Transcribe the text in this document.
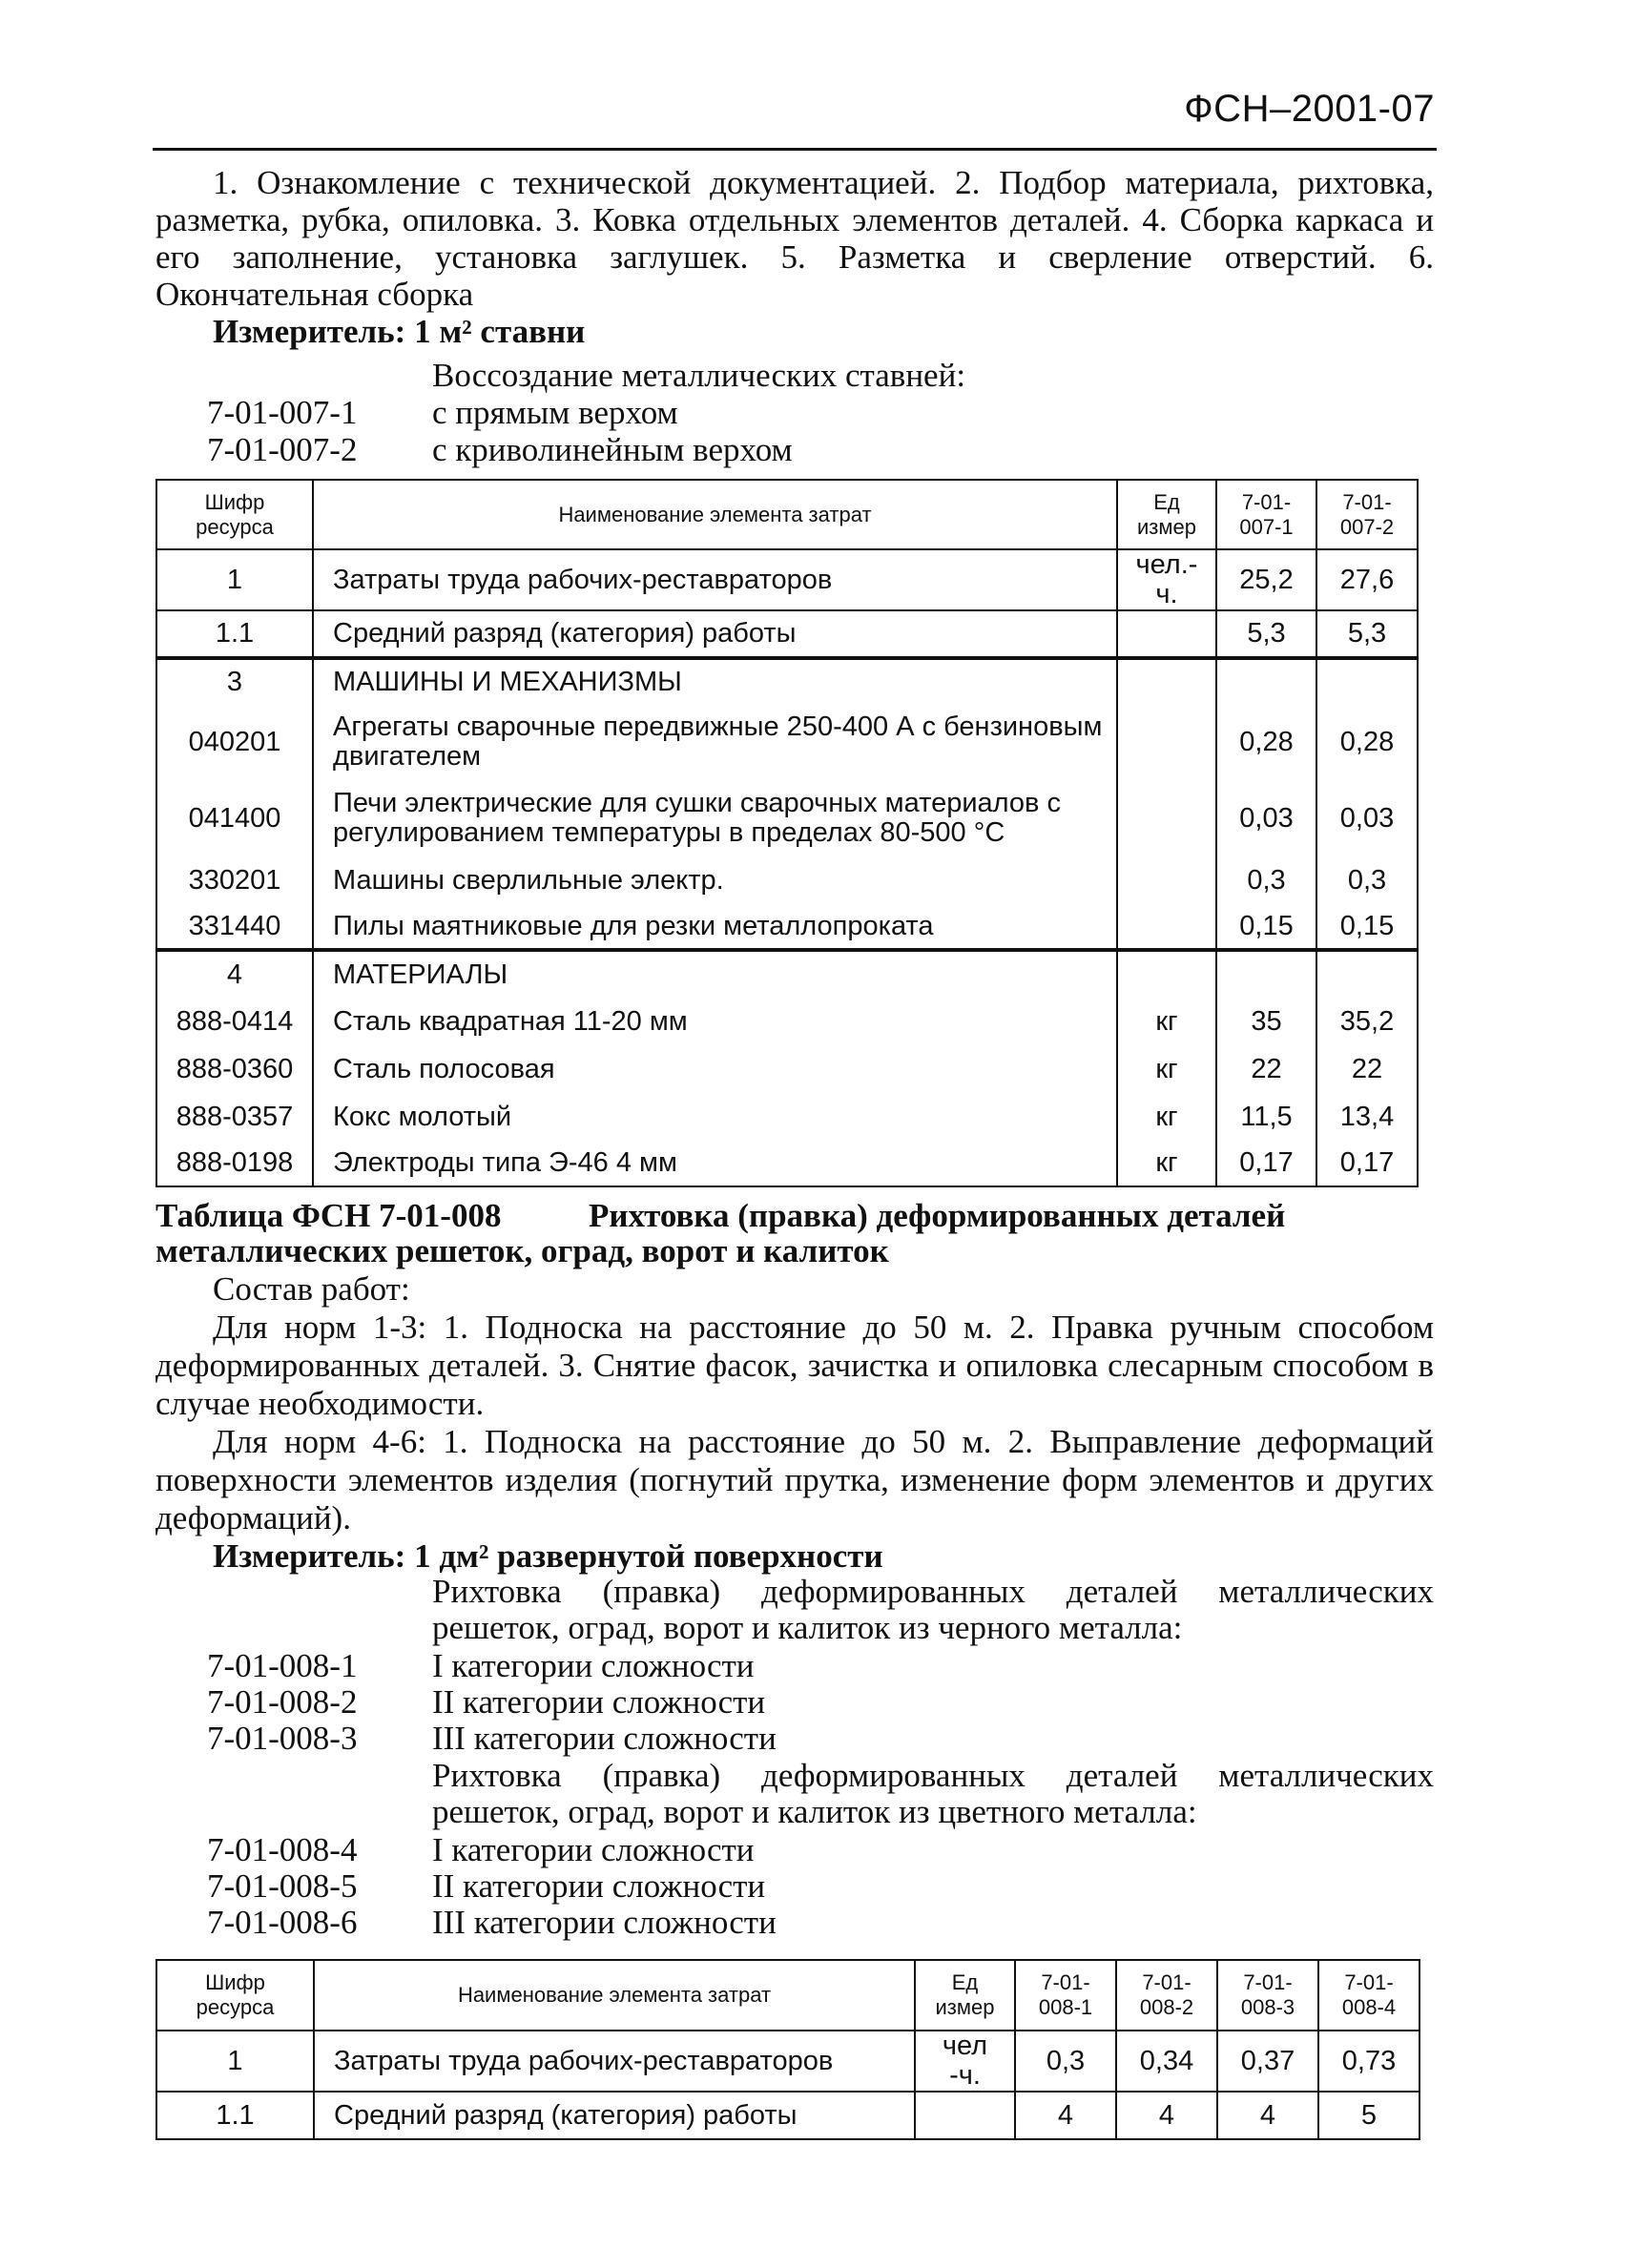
ФСН–2001-07

1. Ознакомление с технической документацией. 2. Подбор материала, рихтовка, разметка, рубка, опиловка. 3. Ковка отдельных элементов деталей. 4. Сборка каркаса и его заполнение, установка заглушек. 5. Разметка и сверление отверстий. 6. Окончательная сборка

Измеритель: 1 м² ставни

Воссоздание металлических ставней:
7-01-007-1	с прямым верхом
7-01-007-2	с криволинейным верхом
Шифр ресурса	Наименование элемента затрат	Ед измер	7-01-007-1	7-01-007-2
1	Затраты труда рабочих-реставраторов	чел.-ч.	25,2	27,6
1.1	Средний разряд (категория) работы		5,3	5,3
3	МАШИНЫ И МЕХАНИЗМЫ			
040201	Агрегаты сварочные передвижные 250-400 А с бензиновым двигателем		0,28	0,28
041400	Печи электрические для сушки сварочных материалов с регулированием температуры в пределах 80-500 °С		0,03	0,03
330201	Машины сверлильные электр.		0,3	0,3
331440	Пилы маятниковые для резки металлопроката		0,15	0,15
4	МАТЕРИАЛЫ			
888-0414	Сталь квадратная 11-20 мм	кг	35	35,2
888-0360	Сталь полосовая	кг	22	22
888-0357	Кокс молотый	кг	11,5	13,4
888-0198	Электроды типа Э-46 4 мм	кг	0,17	0,17
Таблица ФСН 7-01-008	Рихтовка (правка) деформированных деталей металлических решеток, оград, ворот и калиток

Состав работ:

Для норм 1-3: 1. Подноска на расстояние до 50 м. 2. Правка ручным способом деформированных деталей. 3. Снятие фасок, зачистка и опиловка слесарным способом в случае необходимости.

Для норм 4-6: 1. Подноска на расстояние до 50 м. 2. Выправление деформаций поверхности элементов изделия (погнутий прутка, изменение форм элементов и других деформаций).

Измеритель: 1 дм² развернутой поверхности

Рихтовка (правка) деформированных деталей металлических решеток, оград, ворот и калиток из черного металла:
7-01-008-1	I категории сложности
7-01-008-2	II категории сложности
7-01-008-3	III категории сложности
Рихтовка (правка) деформированных деталей металлических решеток, оград, ворот и калиток из цветного металла:
7-01-008-4	I категории сложности
7-01-008-5	II категории сложности
7-01-008-6	III категории сложности
Шифр ресурса	Наименование элемента затрат	Ед измер	7-01-008-1	7-01-008-2	7-01-008-3	7-01-008-4
1	Затраты труда рабочих-реставраторов	чел -ч.	0,3	0,34	0,37	0,73
1.1	Средний разряд (категория) работы		4	4	4	5
